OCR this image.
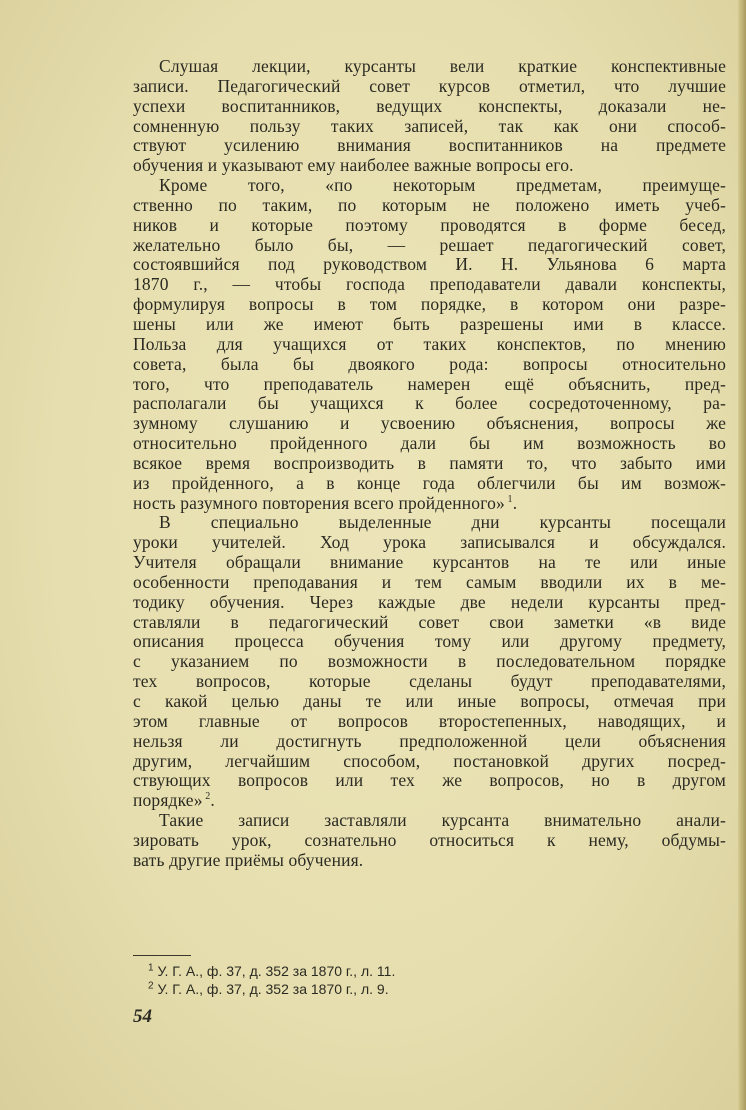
Слушая лекции, курсанты вели краткие конспективные
записи. Педагогический совет курсов отметил, что лучшие
успехи воспитанников, ведущих конспекты, доказали не-
сомненную пользу таких записей, так как они способ-
ствуют усилению внимания воспитанников на предмете
обучения и указывают ему наиболее важные вопросы его.
Кроме того, «по некоторым предметам, преимуще-
ственно по таким, по которым не положено иметь учеб-
ников и которые поэтому проводятся в форме бесед,
желательно было бы, — решает педагогический совет,
состоявшийся под руководством И. Н. Ульянова 6 марта
1870 г., — чтобы господа преподаватели давали конспекты,
формулируя вопросы в том порядке, в котором они разре-
шены или же имеют быть разрешены ими в классе.
Польза для учащихся от таких конспектов, по мнению
совета, была бы двоякого рода: вопросы относительно
того, что преподаватель намерен ещё объяснить, пред-
располагали бы учащихся к более сосредоточенному, ра-
зумному слушанию и усвоению объяснения, вопросы же
относительно пройденного дали бы им возможность во
всякое время воспроизводить в памяти то, что забыто ими
из пройденного, а в конце года облегчили бы им возмож-
ность разумного повторения всего пройденного» $^1$.
В специально выделенные дни курсанты посещали
уроки учителей. Ход урока записывался и обсуждался.
Учителя обращали внимание курсантов на те или иные
особенности преподавания и тем самым вводили их в ме-
тодику обучения. Через каждые две недели курсанты пред-
ставляли в педагогический совет свои заметки «в виде
описания процесса обучения тому или другому предмету,
с указанием по возможности в последовательном порядке
тех вопросов, которые сделаны будут преподавателями,
с какой целью даны те или иные вопросы, отмечая при
этом главные от вопросов второстепенных, наводящих, и
нельзя ли достигнуть предположенной цели объяснения
другим, легчайшим способом, постановкой других посред-
ствующих вопросов или тех же вопросов, но в другом
порядке» $^2$.
Такие записи заставляли курсанта внимательно анали-
зировать урок, сознательно относиться к нему, обдумы-
вать другие приёмы обучения.
$^1$ У. Г. А., ф. 37, д. 352 за 1870 г., л. 11.
$^2$ У. Г. А., ф. 37, д. 352 за 1870 г., л. 9.
54
